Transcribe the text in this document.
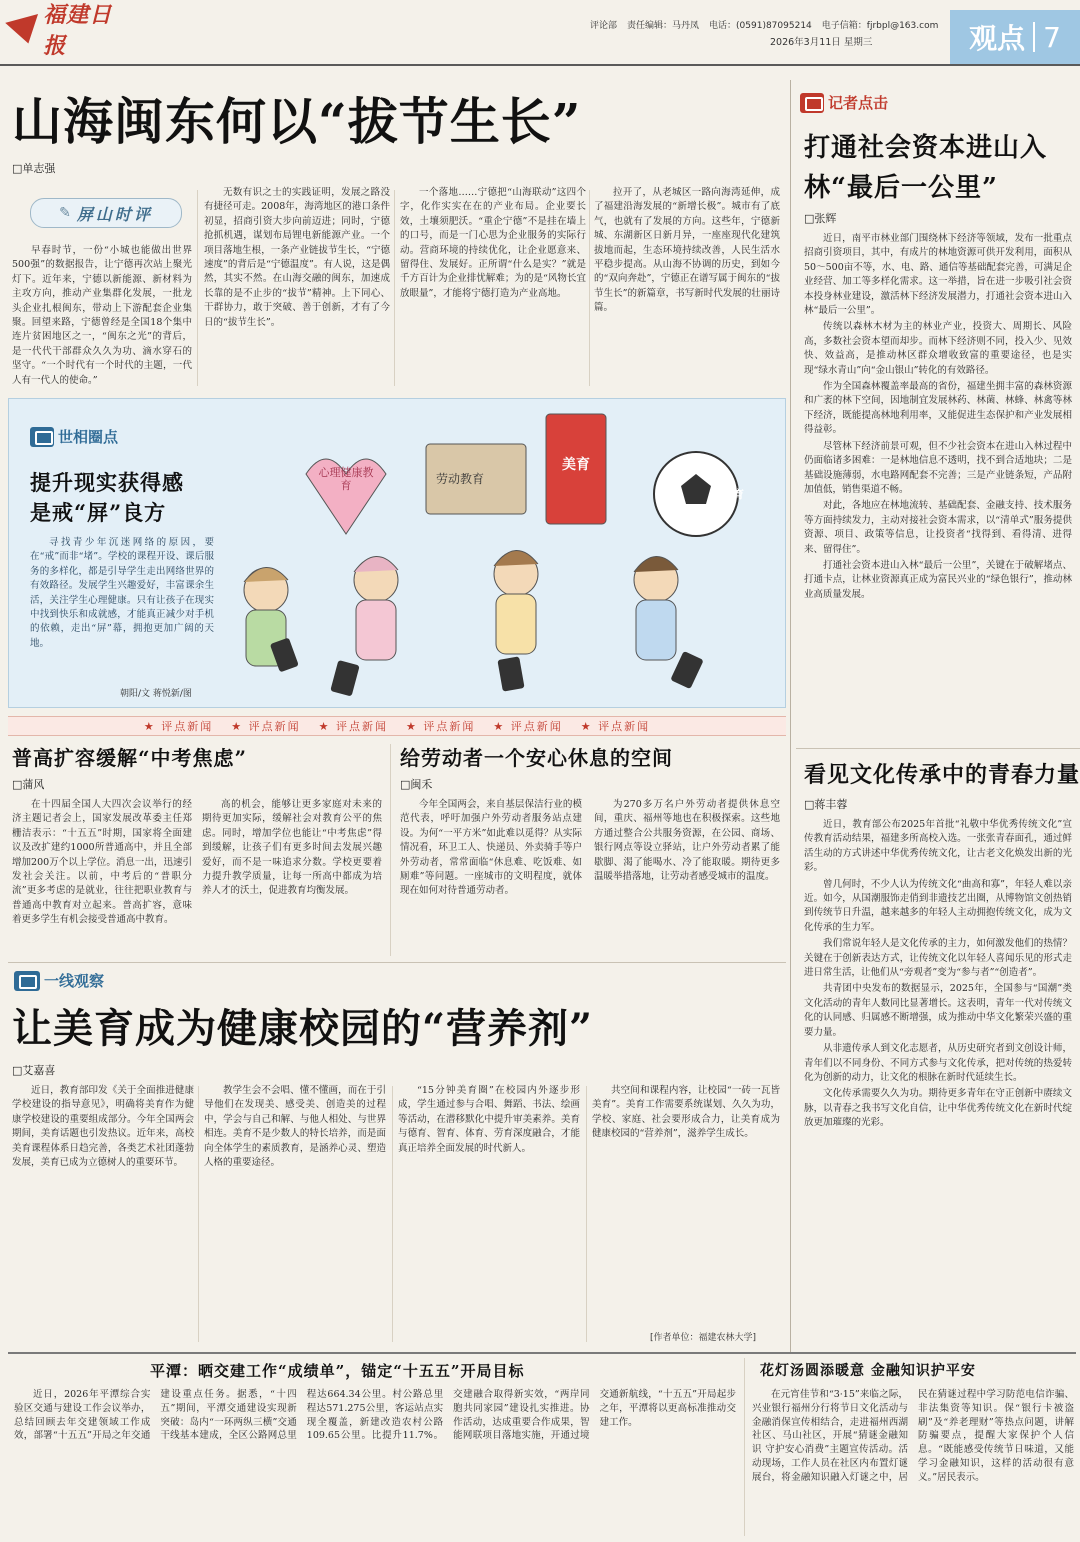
福建日报
评论部 责任编辑：马丹凤 电话：(0591)87095214 电子信箱：fjrbpl@163.com
2026年3月11日 星期三	观点 7
山海闽东何以“拔节生长”
□单志强
✎ 屏山时评
早春时节，一份“小城也能做出世界500强”的数据报告，让宁德再次站上聚光灯下。近年来，宁德以新能源、新材料为主攻方向，推动产业集群化发展，一批龙头企业扎根闽东，带动上下游配套企业集聚。回望来路，宁德曾经是全国18个集中连片贫困地区之一，“闽东之光”的背后，是一代代干部群众久久为功、滴水穿石的坚守。“一个时代有一个时代的主题，一代人有一代人的使命。”
无数有识之士的实践证明，发展之路没有捷径可走。2008年，海湾地区的港口条件初显，招商引资大步向前迈进；同时，宁德抢抓机遇，谋划布局锂电新能源产业。一个项目落地生根，一条产业链拔节生长，“宁德速度”的背后是“宁德温度”。有人说，这是偶然，其实不然。在山海交融的闽东，加速成长靠的是不止步的“拔节”精神。上下同心、干群协力，敢于突破、善于创新，才有了今日的“拔节生长”。
一个落地……宁德把“山海联动”这四个字，化作实实在在的产业布局。企业要长效，土壤须肥沃。“重企宁德”不是挂在墙上的口号，而是一门心思为企业服务的实际行动。营商环境的持续优化，让企业愿意来、留得住、发展好。正所谓“什么是实？”就是千方百计为企业排忧解难；为的是“风物长宜放眼量”，才能将宁德打造为产业高地。
拉开了，从老城区一路向海湾延伸，成了福建沿海发展的“新增长极”。城市有了底气，也就有了发展的方向。这些年，宁德新城、东湖新区日新月异，一座座现代化建筑拔地而起，生态环境持续改善，人民生活水平稳步提高。从山海不协调的历史，到如今的“双向奔赴”，宁德正在谱写属于闽东的“拔节生长”的新篇章，书写新时代发展的壮丽诗篇。
记者点击
打通社会资本进山入林“最后一公里”
□张辉

近日，南平市林业部门围绕林下经济等领域，发布一批重点招商引资项目，其中，有成片的林地资源可供开发利用，面积从50～500亩不等，水、电、路、通信等基础配套完善，可满足企业经营、加工等多样化需求。这一举措，旨在进一步吸引社会资本投身林业建设，激活林下经济发展潜力，打通社会资本进山入林“最后一公里”。

传统以森林木材为主的林业产业，投资大、周期长、风险高，多数社会资本望而却步。而林下经济则不同，投入少、见效快、效益高，是推动林区群众增收致富的重要途径，也是实现“绿水青山”向“金山银山”转化的有效路径。

作为全国森林覆盖率最高的省份，福建坐拥丰富的森林资源和广袤的林下空间，因地制宜发展林药、林菌、林蜂、林禽等林下经济，既能提高林地利用率，又能促进生态保护和产业发展相得益彰。

尽管林下经济前景可观，但不少社会资本在进山入林过程中仍面临诸多困难：一是林地信息不透明，找不到合适地块；二是基础设施薄弱，水电路网配套不完善；三是产业链条短，产品附加值低，销售渠道不畅。

对此，各地应在林地流转、基础配套、金融支持、技术服务等方面持续发力，主动对接社会资本需求，以“清单式”服务提供资源、项目、政策等信息，让投资者“找得到、看得清、进得来、留得住”。

打通社会资本进山入林“最后一公里”，关键在于破解堵点、打通卡点，让林业资源真正成为富民兴业的“绿色银行”，推动林业高质量发展。

看见文化传承中的青春力量
□蒋丰蓉

近日，教育部公布2025年首批“礼敬中华优秀传统文化”宣传教育活动结果，福建多所高校入选。一张张青春面孔，通过鲜活生动的方式讲述中华优秀传统文化，让古老文化焕发出新的光彩。

曾几何时，不少人认为传统文化“曲高和寡”，年轻人难以亲近。如今，从国潮服饰走俏到非遗技艺出圈，从博物馆文创热销到传统节日升温，越来越多的年轻人主动拥抱传统文化，成为文化传承的生力军。

我们常说年轻人是文化传承的主力，如何激发他们的热情？关键在于创新表达方式，让传统文化以年轻人喜闻乐见的形式走进日常生活，让他们从“旁观者”变为“参与者”“创造者”。

共青团中央发布的数据显示，2025年，全国参与“国潮”类文化活动的青年人数同比显著增长。这表明，青年一代对传统文化的认同感、归属感不断增强，成为推动中华文化繁荣兴盛的重要力量。

从非遗传承人到文化志愿者，从历史研究者到文创设计师，青年们以不同身份、不同方式参与文化传承，把对传统的热爱转化为创新的动力，让文化的根脉在新时代延续生长。

文化传承需要久久为功。期待更多青年在守正创新中赓续文脉，以青春之我书写文化自信，让中华优秀传统文化在新时代绽放更加璀璨的光彩。

世相圈点
提升现实获得感
是戒“屏”良方
寻找青少年沉迷网络的原因，要在“戒”而非“堵”。学校的课程开设、课后服务的多样化，都是引导学生走出网络世界的有效路径。发展学生兴趣爱好，丰富课余生活，关注学生心理健康。只有让孩子在现实中找到快乐和成就感，才能真正减少对手机的依赖，走出“屏”幕，拥抱更加广阔的天地。
朝阳/文 蒋悦新/图
心理健康教育	劳动教育
美育
体育
★ 评点新闻 ★ 评点新闻 ★ 评点新闻 ★ 评点新闻 ★ 评点新闻 ★ 评点新闻
普高扩容缓解“中考焦虑”
□蒲风
在十四届全国人大四次会议举行的经济主题记者会上，国家发展改革委主任郑栅洁表示：“十五五”时期，国家将全面建议及改扩建约1000所普通高中，并且全部增加200万个以上学位。消息一出，迅速引发社会关注。以前，中考后的“普职分流”更多考虑的是就业，往往把职业教育与普通高中教育对立起来。普高扩容，意味着更多学生有机会接受普通高中教育。
高的机会，能够让更多家庭对未来的期待更加实际，缓解社会对教育公平的焦虑。同时，增加学位也能让“中考焦虑”得到缓解，让孩子们有更多时间去发展兴趣爱好，而不是一味追求分数。学校更要着力提升教学质量，让每一所高中都成为培养人才的沃土，促进教育均衡发展。
给劳动者一个安心休息的空间
□闽禾
今年全国两会，来自基层保洁行业的模范代表，呼吁加强户外劳动者服务站点建设。为何“一平方米”如此难以觅得？从实际情况看，环卫工人、快递员、外卖骑手等户外劳动者，常常面临“休息难、吃饭难、如厕难”等问题。一座城市的文明程度，就体现在如何对待普通劳动者。
为270多万名户外劳动者提供休息空间，重庆、福州等地也在积极探索。这些地方通过整合公共服务资源，在公园、商场、银行网点等设立驿站，让户外劳动者累了能歇脚、渴了能喝水、冷了能取暖。期待更多温暖举措落地，让劳动者感受城市的温度。
一线观察
让美育成为健康校园的“营养剂”
□艾嘉喜
近日，教育部印发《关于全面推进健康学校建设的指导意见》，明确将美育作为健康学校建设的重要组成部分。今年全国两会期间，美育话题也引发热议。近年来，高校美育课程体系日趋完善，各类艺术社团蓬勃发展，美育已成为立德树人的重要环节。
教学生会不会唱、懂不懂画，而在于引导他们在发现美、感受美、创造美的过程中，学会与自己和解、与他人相处、与世界相连。美育不是少数人的特长培养，而是面向全体学生的素质教育，是涵养心灵、塑造人格的重要途径。
“15分钟美育圈”在校园内外逐步形成，学生通过参与合唱、舞蹈、书法、绘画等活动，在潜移默化中提升审美素养。美育与德育、智育、体育、劳育深度融合，才能真正培养全面发展的时代新人。
共空间和课程内容，让校园“一砖一瓦皆美育”。美育工作需要系统谋划、久久为功，学校、家庭、社会要形成合力，让美育成为健康校园的“营养剂”，滋养学生成长。
[作者单位：福建农林大学]
平潭：晒交建工作“成绩单”，锚定“十五五”开局目标
近日，2026年平潭综合实验区交通与建设工作会议举办，总结回顾去年交建领域工作成效，部署“十五五”开局之年交通建设重点任务。据悉，“十四五”期间，平潭交通建设实现新突破：岛内“一环两纵三横”交通干线基本建成，全区公路网总里程达664.34公里。村公路总里程达571.275公里，客运站点实现全覆盖，新建改造农村公路109.65公里。比提升11.7%。交建融合取得新实效，“两岸同胞共同家园”建设扎实推进。协作活动，达成重要合作成果，智能网联项目落地实施，开通过境交通新航线，“十五五”开局起步之年，平潭将以更高标准推动交建工作。
花灯汤圆添暖意 金融知识护平安
在元宵佳节和“3·15”来临之际，兴业银行福州分行将节日文化活动与金融消保宣传相结合，走进福州西湖社区、马山社区，开展“猜谜金融知识 守护安心消费”主题宣传活动。活动现场，工作人员在社区内布置灯谜展台，将金融知识融入灯谜之中，居民在猜谜过程中学习防范电信诈骗、非法集资等知识。保“银行卡被盗刷”及“养老理财”等热点问题，讲解防骗要点，提醒大家保护个人信息。“既能感受传统节日味道，又能学习金融知识，这样的活动很有意义。”居民表示。
